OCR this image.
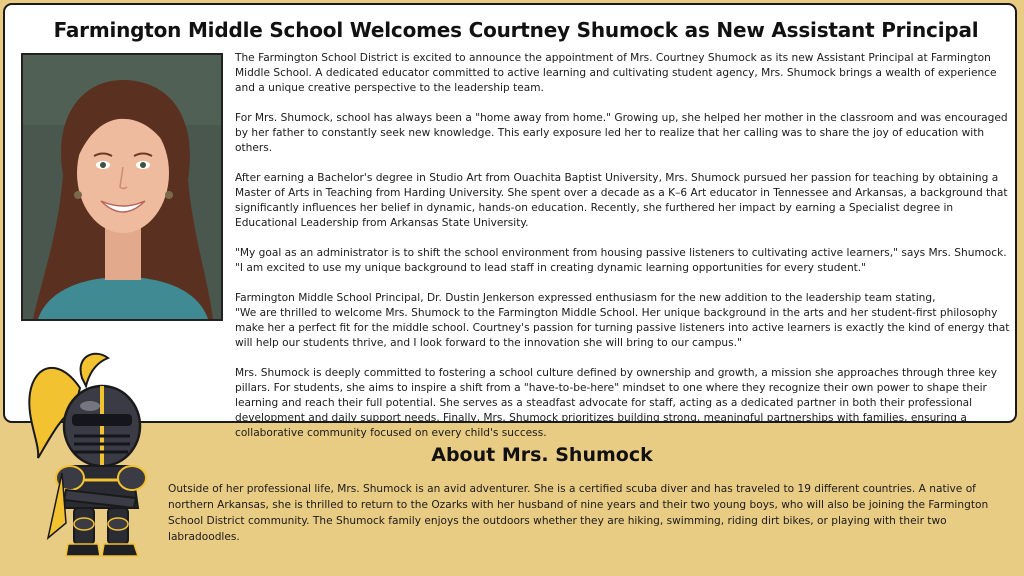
Farmington Middle School Welcomes Courtney Shumock as New Assistant Principal

The Farmington School District is excited to announce the appointment of Mrs. Courtney Shumock as its new Assistant Principal at Farmington Middle School. A dedicated educator committed to active learning and cultivating student agency, Mrs. Shumock brings a wealth of experience and a unique creative perspective to the leadership team.

For Mrs. Shumock, school has always been a "home away from home." Growing up, she helped her mother in the classroom and was encouraged by her father to constantly seek new knowledge. This early exposure led her to realize that her calling was to share the joy of education with others.

After earning a Bachelor's degree in Studio Art from Ouachita Baptist University, Mrs. Shumock pursued her passion for teaching by obtaining a Master of Arts in Teaching from Harding University. She spent over a decade as a K–6 Art educator in Tennessee and Arkansas, a background that significantly influences her belief in dynamic, hands-on education. Recently, she furthered her impact by earning a Specialist degree in Educational Leadership from Arkansas State University.

"My goal as an administrator is to shift the school environment from housing passive listeners to cultivating active learners," says Mrs. Shumock. "I am excited to use my unique background to lead staff in creating dynamic learning opportunities for every student."

Farmington Middle School Principal, Dr. Dustin Jenkerson expressed enthusiasm for the new addition to the leadership team stating,

"We are thrilled to welcome Mrs. Shumock to the Farmington Middle School. Her unique background in the arts and her student-first philosophy make her a perfect fit for the middle school. Courtney's passion for turning passive listeners into active learners is exactly the kind of energy that will help our students thrive, and I look forward to the innovation she will bring to our campus."

Mrs. Shumock is deeply committed to fostering a school culture defined by ownership and growth, a mission she approaches through three key pillars. For students, she aims to inspire a shift from a "have-to-be-here" mindset to one where they recognize their own power to shape their learning and reach their full potential. She serves as a steadfast advocate for staff, acting as a dedicated partner in both their professional development and daily support needs. Finally, Mrs. Shumock prioritizes building strong, meaningful partnerships with families, ensuring a collaborative community focused on every child's success.

About Mrs. Shumock

Outside of her professional life, Mrs. Shumock is an avid adventurer. She is a certified scuba diver and has traveled to 19 different countries. A native of northern Arkansas, she is thrilled to return to the Ozarks with her husband of nine years and their two young boys, who will also be joining the Farmington School District community. The Shumock family enjoys the outdoors whether they are hiking, swimming, riding dirt bikes, or playing with their two labradoodles.
